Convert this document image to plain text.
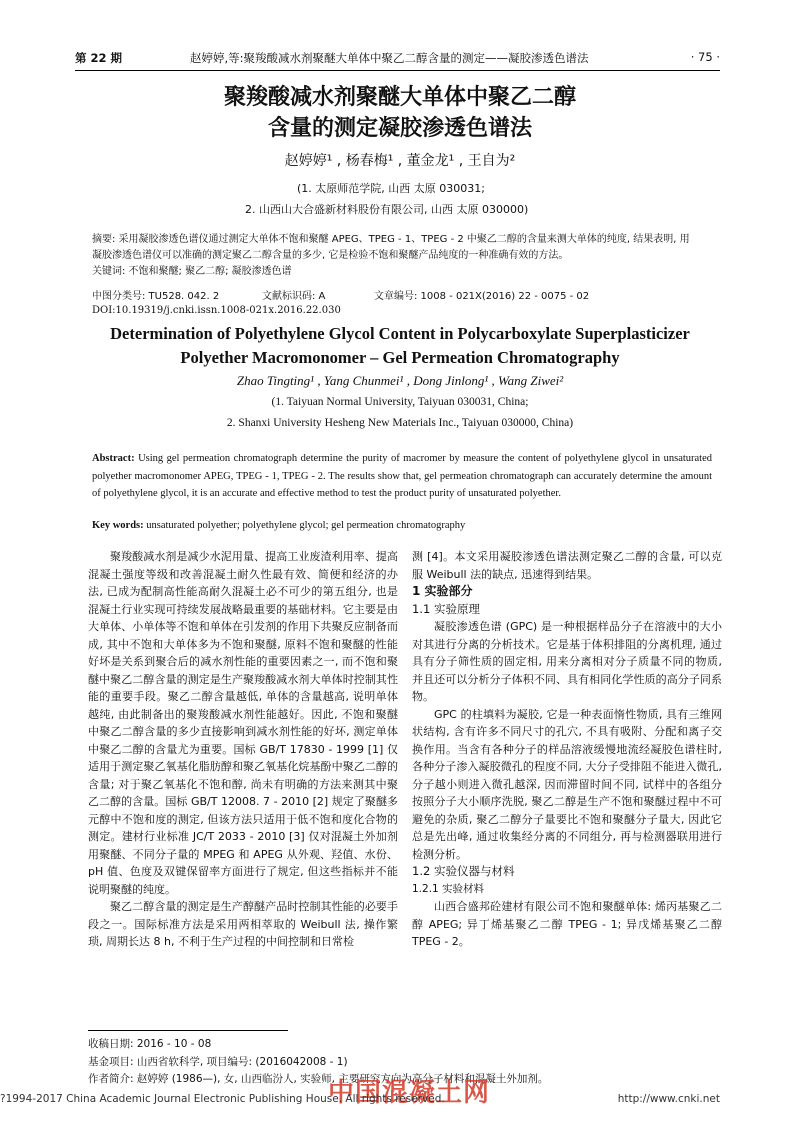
第 22 期	赵婷婷,等:聚羧酸减水剂聚醚大单体中聚乙二醇含量的测定——凝胶渗透色谱法	· 75 ·
聚羧酸减水剂聚醚大单体中聚乙二醇
含量的测定凝胶渗透色谱法
赵婷婷¹ , 杨春梅¹ , 董金龙¹ , 王自为²
(1. 太原师范学院, 山西 太原 030031;
2. 山西山大合盛新材料股份有限公司, 山西 太原 030000)

摘要: 采用凝胶渗透色谱仪通过测定大单体不饱和聚醚 APEG、TPEG - 1、TPEG - 2 中聚乙二醇的含量来测大单体的纯度, 结果表明, 用

凝胶渗透色谱仪可以准确的测定聚乙二醇含量的多少, 它是检验不饱和聚醚产品纯度的一种准确有效的方法。

关键词: 不饱和聚醚; 聚乙二醇; 凝胶渗透色谱

中图分类号: TU528. 042. 2	文献标识码: A	文章编号: 1008 - 021X(2016) 22 - 0075 - 02
DOI:10.19319/j.cnki.issn.1008-021x.2016.22.030
Determination of Polyethylene Glycol Content in Polycarboxylate Superplasticizer
Polyether Macromonomer – Gel Permeation Chromatography
Zhao Tingting¹ , Yang Chunmei¹ , Dong Jinlong¹ , Wang Ziwei²
(1. Taiyuan Normal University, Taiyuan 030031, China;
2. Shanxi University Hesheng New Materials Inc., Taiyuan 030000, China)

Abstract: Using gel permeation chromatograph determine the purity of macromer by measure the content of polyethylene glycol in unsaturated polyether macromonomer APEG, TPEG - 1, TPEG - 2. The results show that, gel permeation chromatograph can accurately determine the amount of polyethylene glycol, it is an accurate and effective method to test the product purity of unsaturated polyether.

Key words: unsaturated polyether; polyethylene glycol; gel permeation chromatography

聚羧酸减水剂是减少水泥用量、提高工业废渣利用率、提高混凝土强度等级和改善混凝土耐久性最有效、简便和经济的办法, 已成为配制高性能高耐久混凝土必不可少的第五组分, 也是混凝土行业实现可持续发展战略最重要的基础材料。它主要是由大单体、小单体等不饱和单体在引发剂的作用下共聚反应制备而成, 其中不饱和大单体多为不饱和聚醚, 原料不饱和聚醚的性能好坏是关系到聚合后的减水剂性能的重要因素之一, 而不饱和聚醚中聚乙二醇含量的测定是生产聚羧酸减水剂大单体时控制其性能的重要手段。聚乙二醇含量越低, 单体的含量越高, 说明单体越纯, 由此制备出的聚羧酸减水剂性能越好。因此, 不饱和聚醚中聚乙二醇含量的多少直接影响到减水剂性能的好坏, 测定单体中聚乙二醇的含量尤为重要。国标 GB/T 17830 - 1999 [1] 仅适用于测定聚乙氧基化脂肪醇和聚乙氧基化烷基酚中聚乙二醇的含量; 对于聚乙氧基化不饱和醇, 尚未有明确的方法来测其中聚乙二醇的含量。国标 GB/T 12008. 7 - 2010 [2] 规定了聚醚多元醇中不饱和度的测定, 但该方法只适用于低不饱和度化合物的测定。建材行业标准 JC/T 2033 - 2010 [3] 仅对混凝土外加剂用聚醚、不同分子量的 MPEG 和 APEG 从外观、羟值、水份、pH 值、色度及双键保留率方面进行了规定, 但这些指标并不能说明聚醚的纯度。

聚乙二醇含量的测定是生产醇醚产品时控制其性能的必要手段之一。国际标准方法是采用两相萃取的 Weibull 法, 操作繁琐, 周期长达 8 h, 不利于生产过程的中间控制和日常检

测 [4]。本文采用凝胶渗透色谱法测定聚乙二醇的含量, 可以克服 Weibull 法的缺点, 迅速得到结果。

1 实验部分

1.1 实验原理

凝胶渗透色谱 (GPC) 是一种根据样品分子在溶液中的大小对其进行分离的分析技术。它是基于体积排阻的分离机理, 通过具有分子筛性质的固定相, 用来分离相对分子质量不同的物质, 并且还可以分析分子体积不同、具有相同化学性质的高分子同系物。

GPC 的柱填料为凝胶, 它是一种表面惰性物质, 具有三维网状结构, 含有许多不同尺寸的孔穴, 不具有吸附、分配和离子交换作用。当含有各种分子的样品溶液缓慢地流经凝胶色谱柱时, 各种分子渗入凝胶微孔的程度不同, 大分子受排阻不能进入微孔, 分子越小则进入微孔越深, 因而滞留时间不同, 试样中的各组分按照分子大小顺序洗脱, 聚乙二醇是生产不饱和聚醚过程中不可避免的杂质, 聚乙二醇分子量要比不饱和聚醚分子量大, 因此它总是先出峰, 通过收集经分离的不同组分, 再与检测器联用进行检测分析。

1.2 实验仪器与材料

1.2.1 实验材料

山西合盛邦砼建材有限公司不饱和聚醚单体: 烯丙基聚乙二醇 APEG; 异丁烯基聚乙二醇 TPEG - 1; 异戊烯基聚乙二醇 TPEG - 2。

收稿日期: 2016 - 10 - 08
基金项目: 山西省软科学, 项目编号: (2016042008 - 1)
作者简介: 赵婷婷 (1986—), 女, 山西临汾人, 实验师, 主要研究方向为高分子材料和混凝土外加剂。
中国混凝土网
?1994-2017 China Academic Journal Electronic Publishing House. All rights reserved.	http://www.cnki.net
